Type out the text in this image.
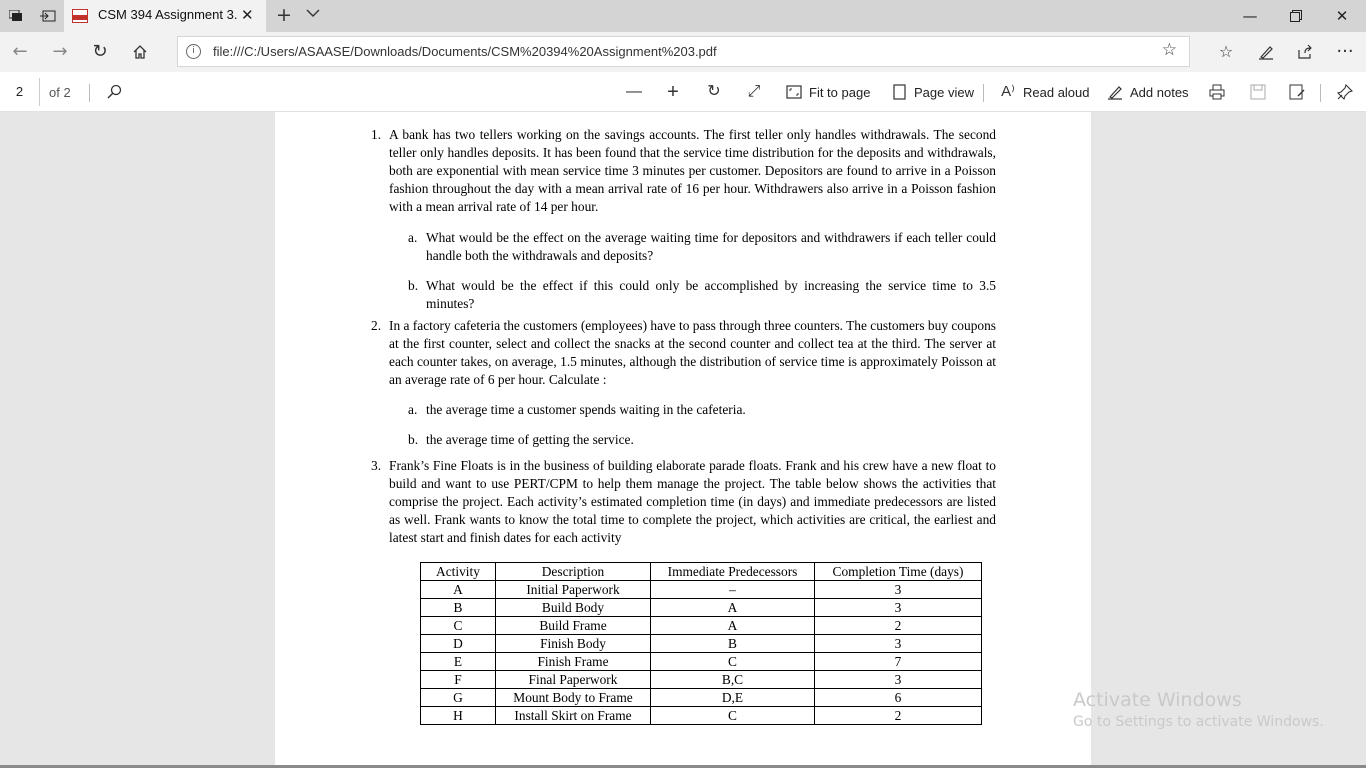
CSM 394 Assignment 3. ✕ +	—	✕
← → ↻	i	file:///C:/Users/ASAASE/Downloads/Documents/CSM%20394%20Assignment%203.pdf	☆	☆	···
2	of 2	— +	↻ ⤢	Fit to page	Page view A⁾ Read aloud	Add notes
1. A bank has two tellers working on the savings accounts. The first teller only handles withdrawals. The second teller only handles deposits. It has been found that the service time distribution for the deposits and withdrawals, both are exponential with mean service time 3 minutes per customer. Depositors are found to arrive in a Poisson fashion throughout the day with a mean arrival rate of 16 per hour. Withdrawers also arrive in a Poisson fashion with a mean arrival rate of 14 per hour.
a. What would be the effect on the average waiting time for depositors and withdrawers if each teller could handle both the withdrawals and deposits?
b. What would be the effect if this could only be accomplished by increasing the service time to 3.5 minutes?
2. In a factory cafeteria the customers (employees) have to pass through three counters. The customers buy coupons at the first counter, select and collect the snacks at the second counter and collect tea at the third. The server at each counter takes, on average, 1.5 minutes, although the distribution of service time is approximately Poisson at an average rate of 6 per hour. Calculate :
a. the average time a customer spends waiting in the cafeteria.
b. the average time of getting the service.
3. Frank’s Fine Floats is in the business of building elaborate parade floats. Frank and his crew have a new float to build and want to use PERT/CPM to help them manage the project. The table below shows the activities that comprise the project. Each activity’s estimated completion time (in days) and immediate predecessors are listed as well. Frank wants to know the total time to complete the project, which activities are critical, the earliest and latest start and finish dates for each activity
Activity	Description	Immediate Predecessors	Completion Time (days)
A	Initial Paperwork	–	3
B	Build Body	A	3
C	Build Frame	A	2
D	Finish Body	B	3
E	Finish Frame	C	7
F	Final Paperwork	B,C	3
G	Mount Body to Frame	D,E	6
H	Install Skirt on Frame	C	2
Activate Windows
Go to Settings to activate Windows.
